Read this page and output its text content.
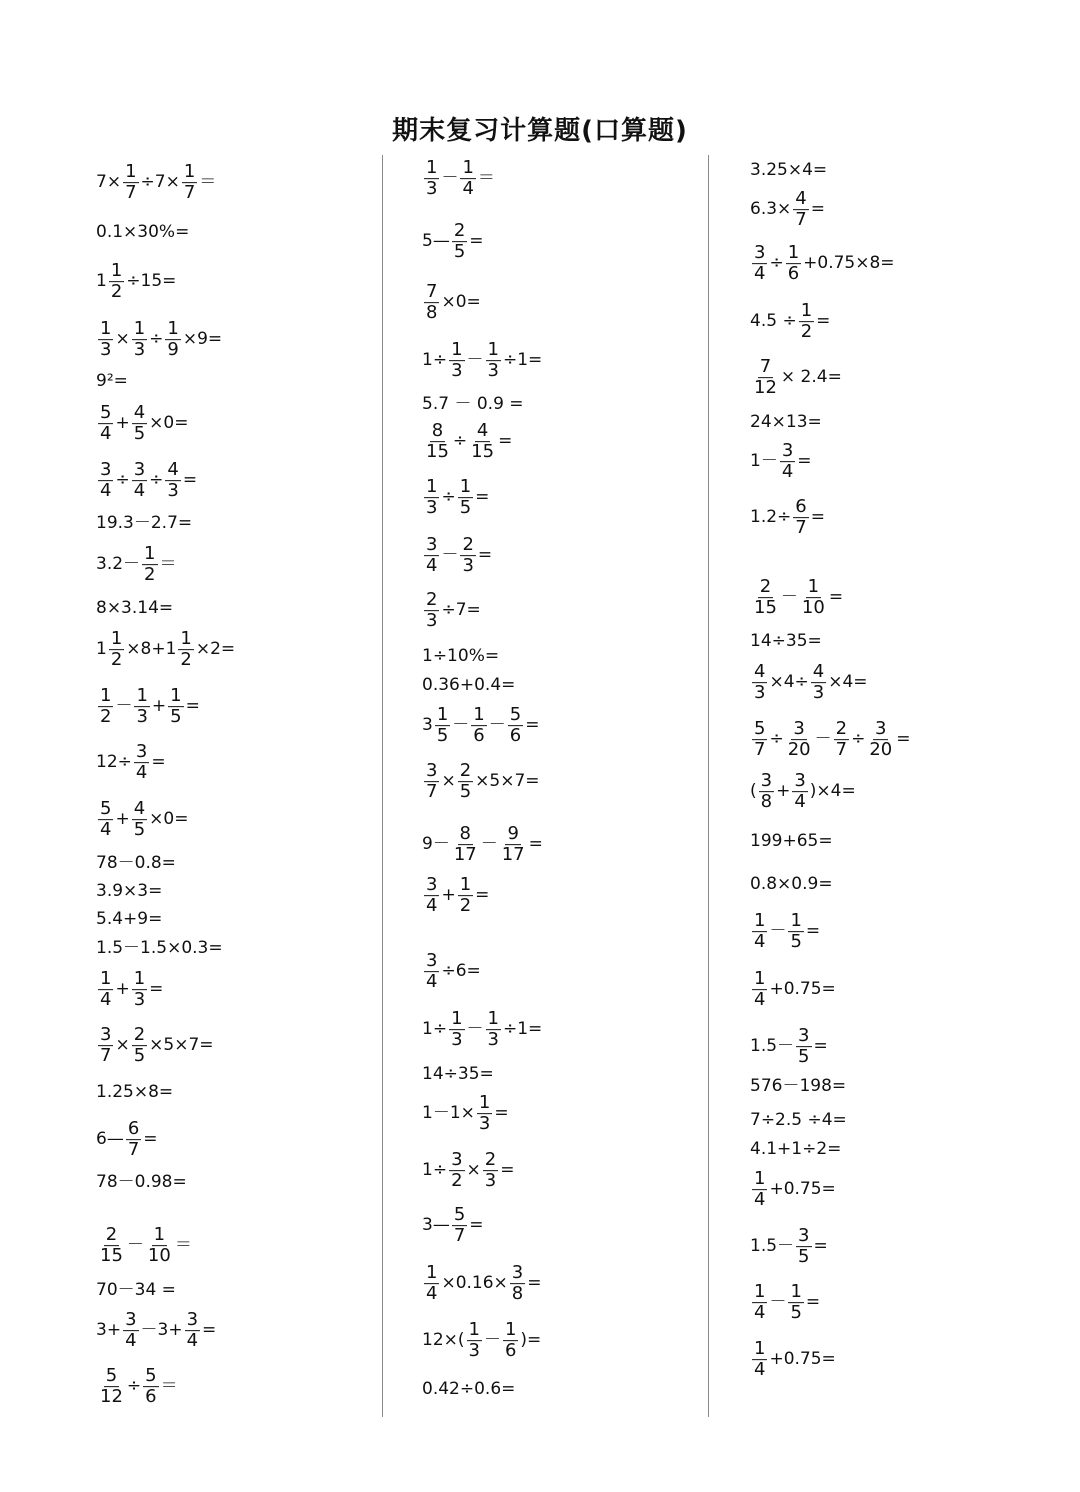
期末复习计算题(口算题)
$7\times \frac{1}{7} \div 7\times \frac{1}{7}$ ＝
0.1×30%=
$1 \frac{1}{2} \div 15=$
$\frac{1}{3} \times \frac{1}{3} \div \frac{1}{9} \times 9=$
9²=
$\frac{5}{4} + \frac{4}{5} \times 0=$
$\frac{3}{4} \div \frac{3}{4} \div \frac{4}{3}$ =
19.3－2.7=
$3.2- \frac{1}{2}$ ＝
8×3.14=
$1 \frac{1}{2} \times 8+1 \frac{1}{2} \times 2=$
$\frac{1}{2} - \frac{1}{3} + \frac{1}{5}$ =
$12\div \frac{3}{4}$ =
$\frac{5}{4} + \frac{4}{5} \times 0=$
78－0.8=
3.9×3=
5.4+9=
1.5－1.5×0.3=
$\frac{1}{4} + \frac{1}{3}$ =
$\frac{3}{7} \times \frac{2}{5} \times 5\times 7=$
1.25×8=
6— $\frac{6}{7}$ =
78－0.98=
$\frac{2}{15} - \frac{1}{10}$ ＝
70－34 =
$3+ \frac{3}{4} -3+ \frac{3}{4}$ =
$\frac{5}{12} \div \frac{5}{6}$ ＝
$\frac{1}{3} - \frac{1}{4}$ ＝
5— $\frac{2}{5}$ =
$\frac{7}{8} \times 0=$
$1\div \frac{1}{3} - \frac{1}{3} \div 1=$
5.7 － 0.9 =
$\frac{8}{15} \div \frac{4}{15}$ =
$\frac{1}{3} \div \frac{1}{5}$ =
$\frac{3}{4} - \frac{2}{3}$ =
$\frac{2}{3} \div 7=$
1÷10%=
0.36+0.4=
$3 \frac{1}{5} - \frac{1}{6} - \frac{5}{6}$ =
$\frac{3}{7} \times \frac{2}{5} \times 5\times 7=$
$9- \frac{8}{17} - \frac{9}{17}$ =
$\frac{3}{4} + \frac{1}{2}$ =
$\frac{3}{4} \div 6=$
$1\div \frac{1}{3} - \frac{1}{3} \div 1=$
14÷35=
$1-1\times \frac{1}{3}$ =
$1\div \frac{3}{2} \times \frac{2}{3}$ =
3— $\frac{5}{7}$ =
$\frac{1}{4} \times 0.16\times \frac{3}{8}$ =
$12\times( \frac{1}{3} - \frac{1}{6}$ )=
0.42÷0.6=
3.25×4=
$6.3\times \frac{4}{7}$ =
$\frac{3}{4} \div \frac{1}{6} +0.75\times 8=$
$4.5 \div \frac{1}{2}$ =
$\frac{7}{12} \times 2.4=$
24×13=
$1- \frac{3}{4}$ =
$1.2\div \frac{6}{7}$ =
$\frac{2}{15} - \frac{1}{10}$ =
14÷35=
$\frac{4}{3} \times 4\div \frac{4}{3} \times 4=$
$\frac{5}{7} \div \frac{3}{20} - \frac{2}{7} \div \frac{3}{20}$ =
( $\frac{3}{8} + \frac{3}{4} )\times 4=$
199+65=
0.8×0.9=
$\frac{1}{4} - \frac{1}{5}$ =
$\frac{1}{4} +0.75=$
$1.5- \frac{3}{5}$ =
576－198=
7÷2.5 ÷4=
4.1+1÷2=
$\frac{1}{4} +0.75=$
$1.5- \frac{3}{5}$ =
$\frac{1}{4} - \frac{1}{5}$ =
$\frac{1}{4} +0.75=$
